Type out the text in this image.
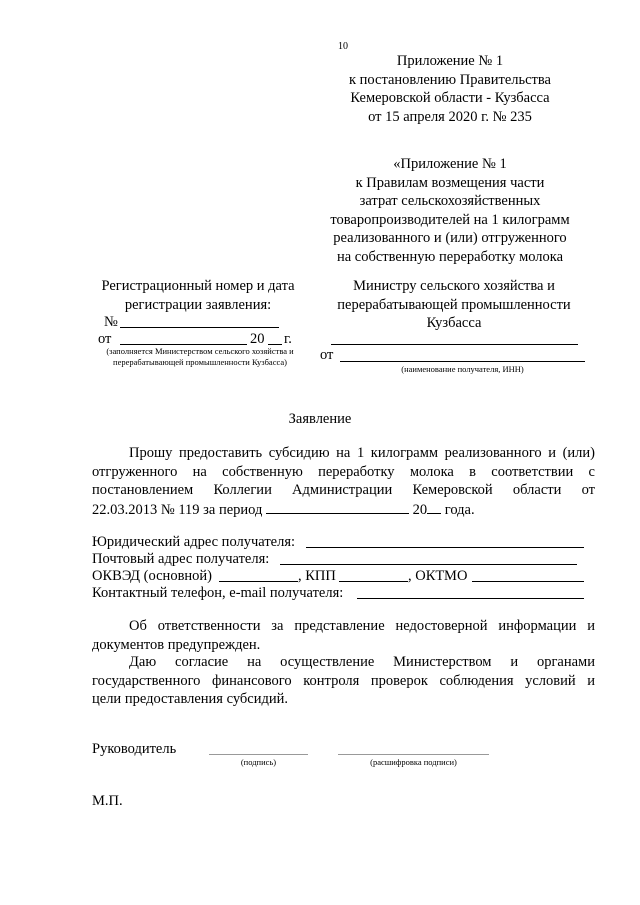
10
Приложение № 1
к постановлению Правительства
Кемеровской области - Кузбасса
от 15 апреля 2020 г. № 235
«Приложение № 1
к Правилам возмещения части
затрат сельскохозяйственных
товаропроизводителей на 1 килограмм
реализованного и (или) отгруженного
на собственную переработку молока
Регистрационный номер и дата
регистрации заявления:
№
от	20 г.
(заполняется Министерством сельского хозяйства и
перерабатывающей промышленности Кузбасса)
Министру сельского хозяйства и
перерабатывающей промышленности
Кузбасса
от
(наименование получателя, ИНН)
Заявление
Прошу предоставить субсидию на 1 килограмм реализованного и (или)
отгруженного на собственную переработку молока в соответствии с
постановлением Коллегии Администрации Кемеровской области от
22.03.2013 № 119 за период	20 года.
Юридический адрес получателя:
Почтовый адрес получателя:
ОКВЭД (основной)	, КПП	, ОКТМО
Контактный телефон, e-mail получателя:
Об ответственности за представление недостоверной информации и
документов предупрежден.
Даю согласие на осуществление Министерством и органами
государственного финансового контроля проверок соблюдения условий и
цели предоставления субсидий.
Руководитель
(подпись)	(расшифровка подписи)
М.П.
